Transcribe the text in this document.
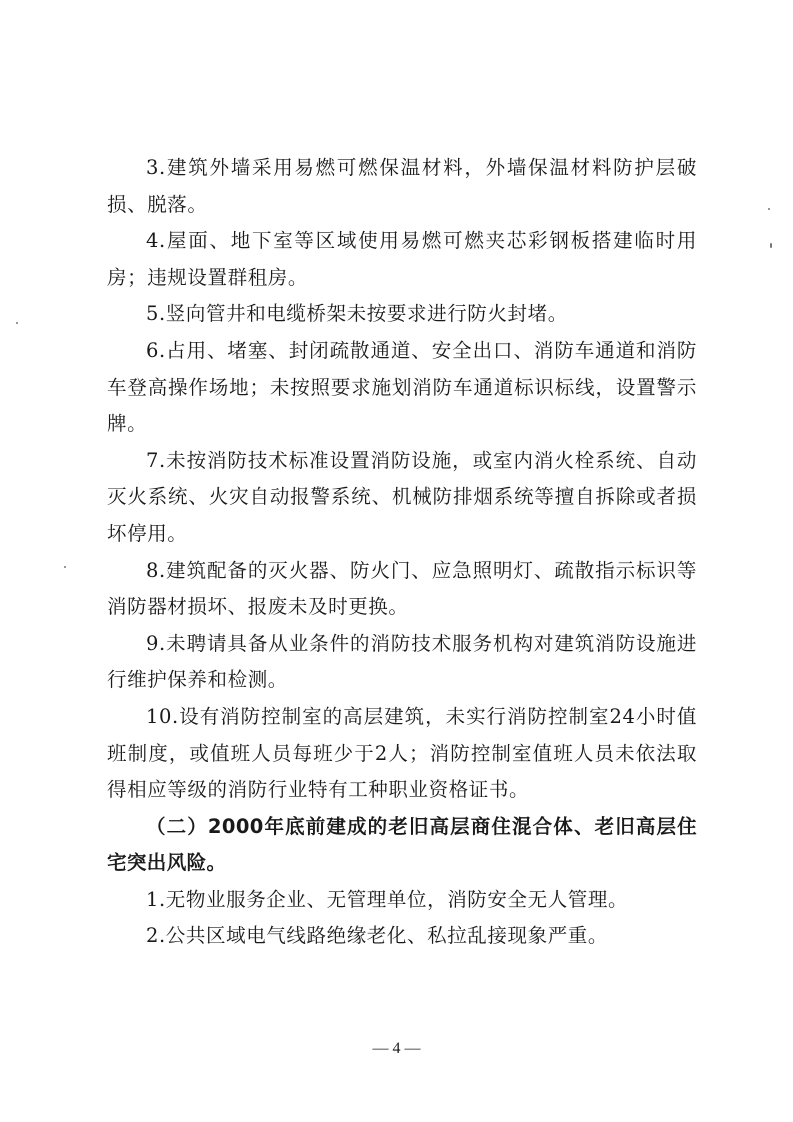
3.建筑外墙采用易燃可燃保温材料，外墙保温材料防护层破损、脱落。

4.屋面、地下室等区域使用易燃可燃夹芯彩钢板搭建临时用房；违规设置群租房。

5.竖向管井和电缆桥架未按要求进行防火封堵。

6.占用、堵塞、封闭疏散通道、安全出口、消防车通道和消防车登高操作场地；未按照要求施划消防车通道标识标线，设置警示牌。

7.未按消防技术标准设置消防设施，或室内消火栓系统、自动灭火系统、火灾自动报警系统、机械防排烟系统等擅自拆除或者损坏停用。

8.建筑配备的灭火器、防火门、应急照明灯、疏散指示标识等消防器材损坏、报废未及时更换。

9.未聘请具备从业条件的消防技术服务机构对建筑消防设施进行维护保养和检测。

10.设有消防控制室的高层建筑，未实行消防控制室24小时值班制度，或值班人员每班少于2人；消防控制室值班人员未依法取得相应等级的消防行业特有工种职业资格证书。

（二）2000年底前建成的老旧高层商住混合体、老旧高层住宅突出风险。

1.无物业服务企业、无管理单位，消防安全无人管理。

2.公共区域电气线路绝缘老化、私拉乱接现象严重。

— 4 —
